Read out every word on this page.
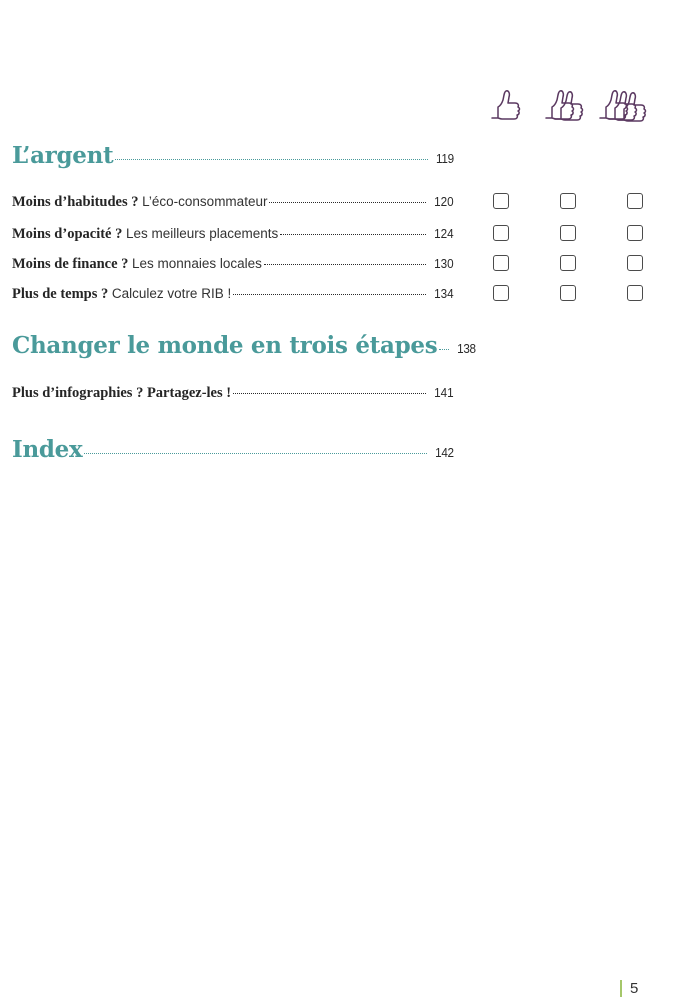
L’argent	119
Moins d’habitudes ? L’éco-consommateur	120
Moins d’opacité ? Les meilleurs placements	124
Moins de finance ? Les monnaies locales	130
Plus de temps ? Calculez votre RIB !	134
Changer le monde en trois étapes 138
Plus d’infographies ? Partagez-les !	141
Index	142
5
